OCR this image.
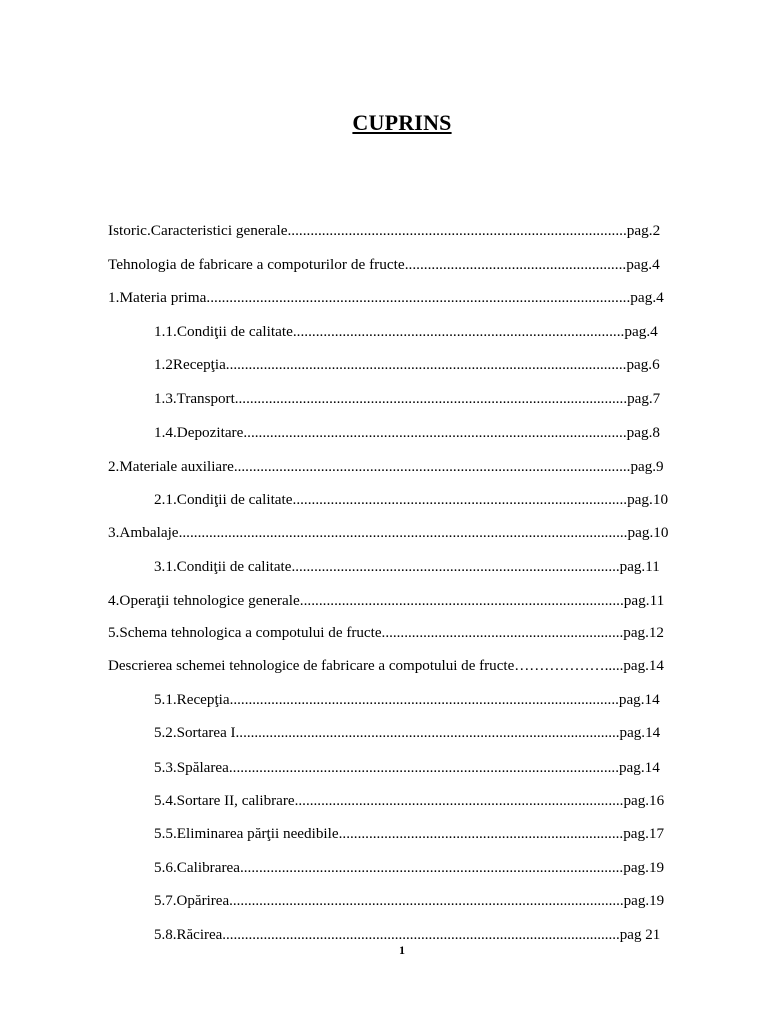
CUPRINS
Istoric.Caracteristici generale.........................................................................................pag.2
Tehnologia de fabricare a compoturilor de fructe..........................................................pag.4
1.Materia prima...............................................................................................................pag.4
1.1.Condiţii de calitate.......................................................................................pag.4
1.2Recepţia..........................................................................................................pag.6
1.3.Transport........................................................................................................pag.7
1.4.Depozitare.....................................................................................................pag.8
2.Materiale auxiliare.........................................................................................................pag.9
2.1.Condiţii de calitate........................................................................................pag.10
3.Ambalaje......................................................................................................................pag.10
3.1.Condiţii de calitate.......................................................................................pag.11
4.Operaţii tehnologice generale.....................................................................................pag.11
5.Schema tehnologica a compotului de fructe................................................................pag.12
Descrierea schemei tehnologice de fabricare a compotului de fructe……………….....pag.14
5.1.Recepţia.......................................................................................................pag.14
5.2.Sortarea I......................................................................................................pag.14
5.3.Spălarea.......................................................................................................pag.14
5.4.Sortare II, calibrare.......................................................................................pag.16
5.5.Eliminarea părţii needibile...........................................................................pag.17
5.6.Calibrarea.....................................................................................................pag.19
5.7.Opărirea.........................................................................................................pag.19
5.8.Răcirea..........................................................................................................pag 21
1
